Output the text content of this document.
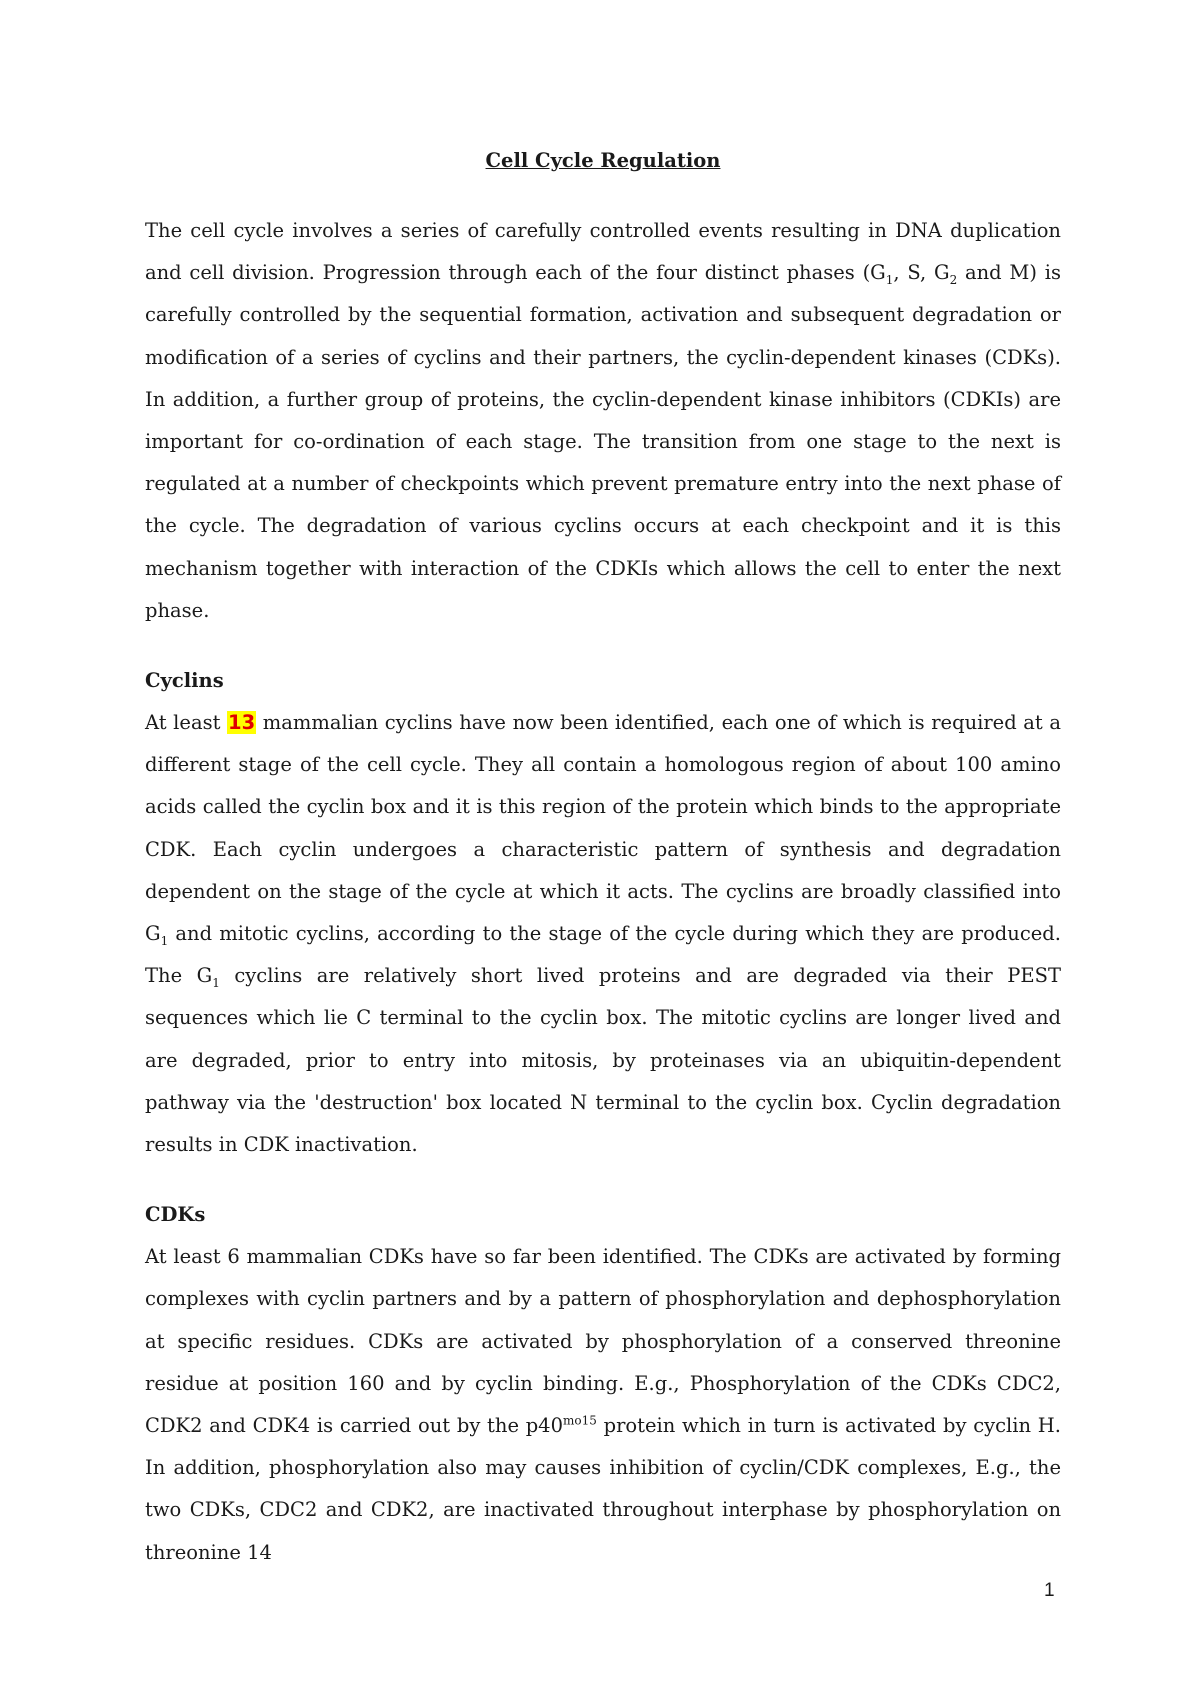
Cell Cycle Regulation

The cell cycle involves a series of carefully controlled events resulting in DNA duplication and cell division. Progression through each of the four distinct phases ($G_1$, S, $G_2$ and M) is carefully controlled by the sequential formation, activation and subsequent degradation or modification of a series of cyclins and their partners, the cyclin-dependent kinases (CDKs). In addition, a further group of proteins, the cyclin-dependent kinase inhibitors (CDKIs) are important for co-ordination of each stage. The transition from one stage to the next is regulated at a number of checkpoints which prevent premature entry into the next phase of the cycle. The degradation of various cyclins occurs at each checkpoint and it is this mechanism together with interaction of the CDKIs which allows the cell to enter the next phase.

Cyclins

At least 13 mammalian cyclins have now been identified, each one of which is required at a different stage of the cell cycle. They all contain a homologous region of about 100 amino acids called the cyclin box and it is this region of the protein which binds to the appropriate CDK. Each cyclin undergoes a characteristic pattern of synthesis and degradation dependent on the stage of the cycle at which it acts. The cyclins are broadly classified into $G_1$ and mitotic cyclins, according to the stage of the cycle during which they are produced. The $G_1$ cyclins are relatively short lived proteins and are degraded via their PEST sequences which lie C terminal to the cyclin box. The mitotic cyclins are longer lived and are degraded, prior to entry into mitosis, by proteinases via an ubiquitin-dependent pathway via the 'destruction' box located N terminal to the cyclin box. Cyclin degradation results in CDK inactivation.

CDKs

At least 6 mammalian CDKs have so far been identified. The CDKs are activated by forming complexes with cyclin partners and by a pattern of phosphorylation and dephosphorylation at specific residues. CDKs are activated by phosphorylation of a conserved threonine residue at position 160 and by cyclin binding. E.g., Phosphorylation of the CDKs CDC2, CDK2 and CDK4 is carried out by the $p40^{mo15}$ protein which in turn is activated by cyclin H. In addition, phosphorylation also may causes inhibition of cyclin/CDK complexes, E.g., the two CDKs, CDC2 and CDK2, are inactivated throughout interphase by phosphorylation on threonine 14

1
